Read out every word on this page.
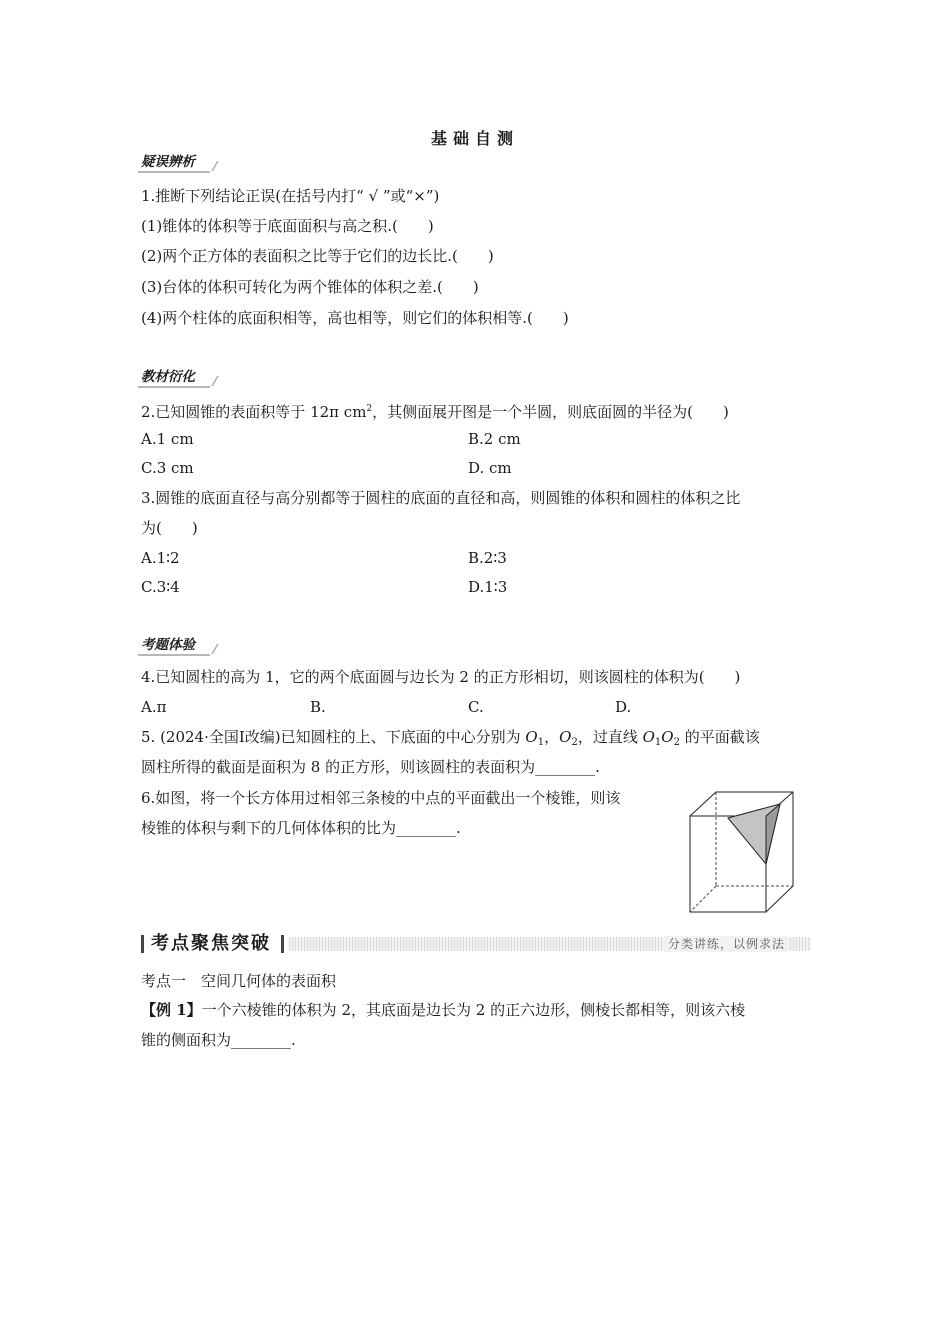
基础自测
疑误辨析
1.推断下列结论正误(在括号内打“ √ ”或“×”)
(1)锥体的体积等于底面面积与高之积.(　　)
(2)两个正方体的表面积之比等于它们的边长比.(　　)
(3)台体的体积可转化为两个锥体的体积之差.(　　)
(4)两个柱体的底面积相等，高也相等，则它们的体积相等.(　　)
教材衍化
2.已知圆锥的表面积等于 12π $cm^2$，其侧面展开图是一个半圆，则底面圆的半径为(　　)
A.1 cm	B.2 cm
C.3 cm	D. cm
3.圆锥的底面直径与高分别都等于圆柱的底面的直径和高，则圆锥的体积和圆柱的体积之比
为(　　)
A.1∶2	B.2∶3
C.3∶4	D.1∶3
考题体验
4.已知圆柱的高为 1，它的两个底面圆与边长为 2 的正方形相切，则该圆柱的体积为(　　)
A.π	B.	C.	D.
5. (2024·全国Ⅰ改编)已知圆柱的上、下底面的中心分别为 $O_1$，$O_2$，过直线 $O_1O_2$ 的平面截该
圆柱所得的截面是面积为 8 的正方形，则该圆柱的表面积为________.
6.如图，将一个长方体用过相邻三条棱的中点的平面截出一个棱锥，则该
棱锥的体积与剩下的几何体体积的比为________.
考点聚焦突破	分类讲练，以例求法
考点一　空间几何体的表面积
【例 1】一个六棱锥的体积为 2，其底面是边长为 2 的正六边形，侧棱长都相等，则该六棱
锥的侧面积为________.
